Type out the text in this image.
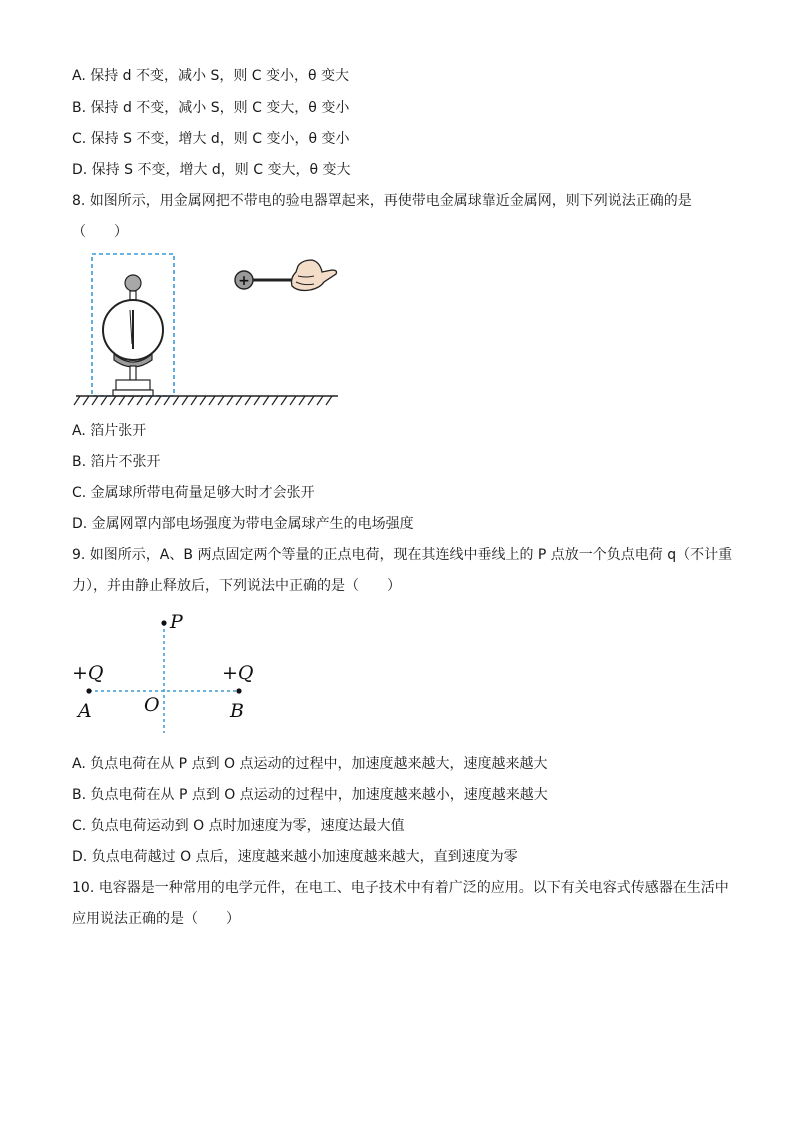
A. 保持 d 不变，减小 S，则 C 变小，θ 变大
B. 保持 d 不变，减小 S，则 C 变大，θ 变小
C. 保持 S 不变，增大 d，则 C 变小，θ 变小
D. 保持 S 不变，增大 d，则 C 变大，θ 变大
8. 如图所示，用金属网把不带电的验电器罩起来，再使带电金属球靠近金属网，则下列说法正确的是
（　　）
+
A. 箔片张开
B. 箔片不张开
C. 金属球所带电荷量足够大时才会张开
D. 金属网罩内部电场强度为带电金属球产生的电场强度
9. 如图所示，A、B 两点固定两个等量的正点电荷，现在其连线中垂线上的 P 点放一个负点电荷 q（不计重
力），并由静止释放后，下列说法中正确的是（　　）
P
+Q
A
+Q
B
O
A. 负点电荷在从 P 点到 O 点运动的过程中，加速度越来越大，速度越来越大
B. 负点电荷在从 P 点到 O 点运动的过程中，加速度越来越小，速度越来越大
C. 负点电荷运动到 O 点时加速度为零，速度达最大值
D. 负点电荷越过 O 点后，速度越来越小加速度越来越大，直到速度为零
10. 电容器是一种常用的电学元件，在电工、电子技术中有着广泛的应用。以下有关电容式传感器在生活中
应用说法正确的是（　　）
